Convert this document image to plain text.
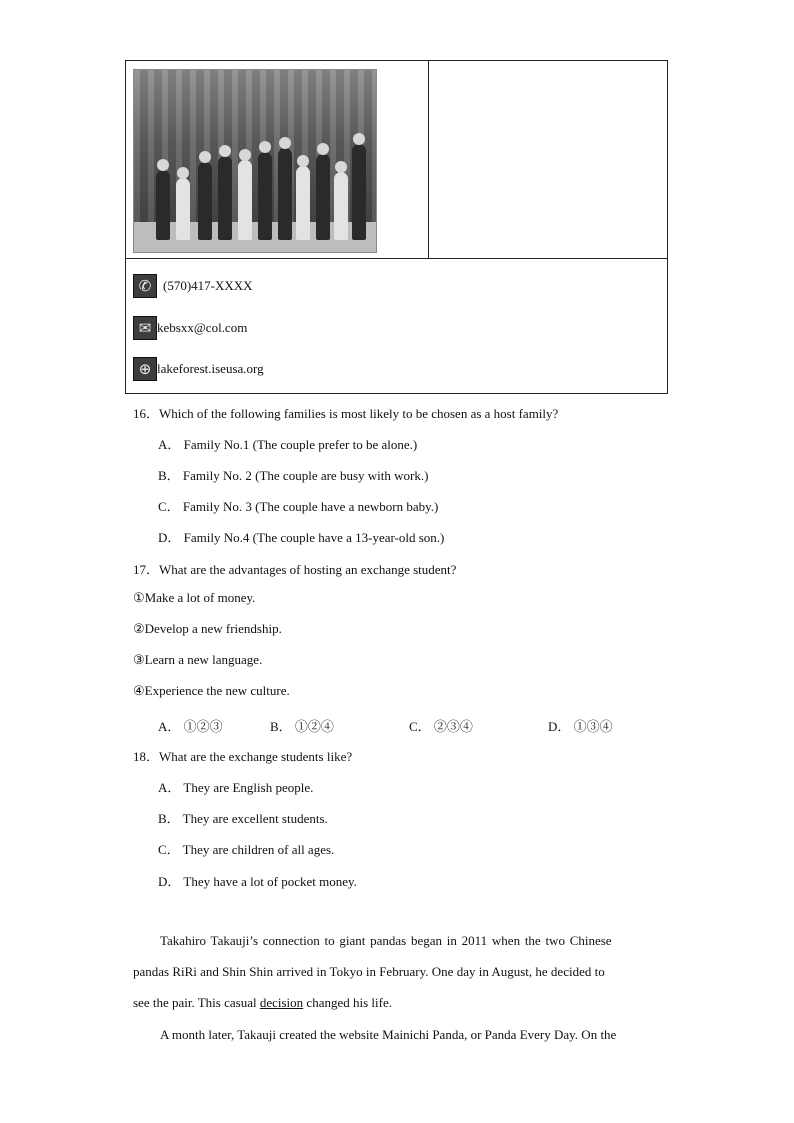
✆ (570)417-XXXX
✉ kebsxx@col.com
⊕ lakeforest.iseusa.org
16．Which of the following families is most likely to be chosen as a host family?
A． Family No.1 (The couple prefer to be alone.)
B． Family No. 2 (The couple are busy with work.)
C． Family No. 3 (The couple have a newborn baby.)
D． Family No.4 (The couple have a 13-year-old son.)
17．What are the advantages of hosting an exchange student?
①Make a lot of money.
②Develop a new friendship.
③Learn a new language.
④Experience the new culture.
A． ①②③	B． ①②④	C． ②③④	D． ①③④
18．What are the exchange students like?
A． They are English people.
B． They are excellent students.
C． They are children of all ages.
D． They have a lot of pocket money.
Takahiro Takauji’s connection to giant pandas began in 2011 when the two Chinese
pandas RiRi and Shin Shin arrived in Tokyo in February. One day in August, he decided to
see the pair. This casual decision changed his life.
A month later, Takauji created the website Mainichi Panda, or Panda Every Day. On the
